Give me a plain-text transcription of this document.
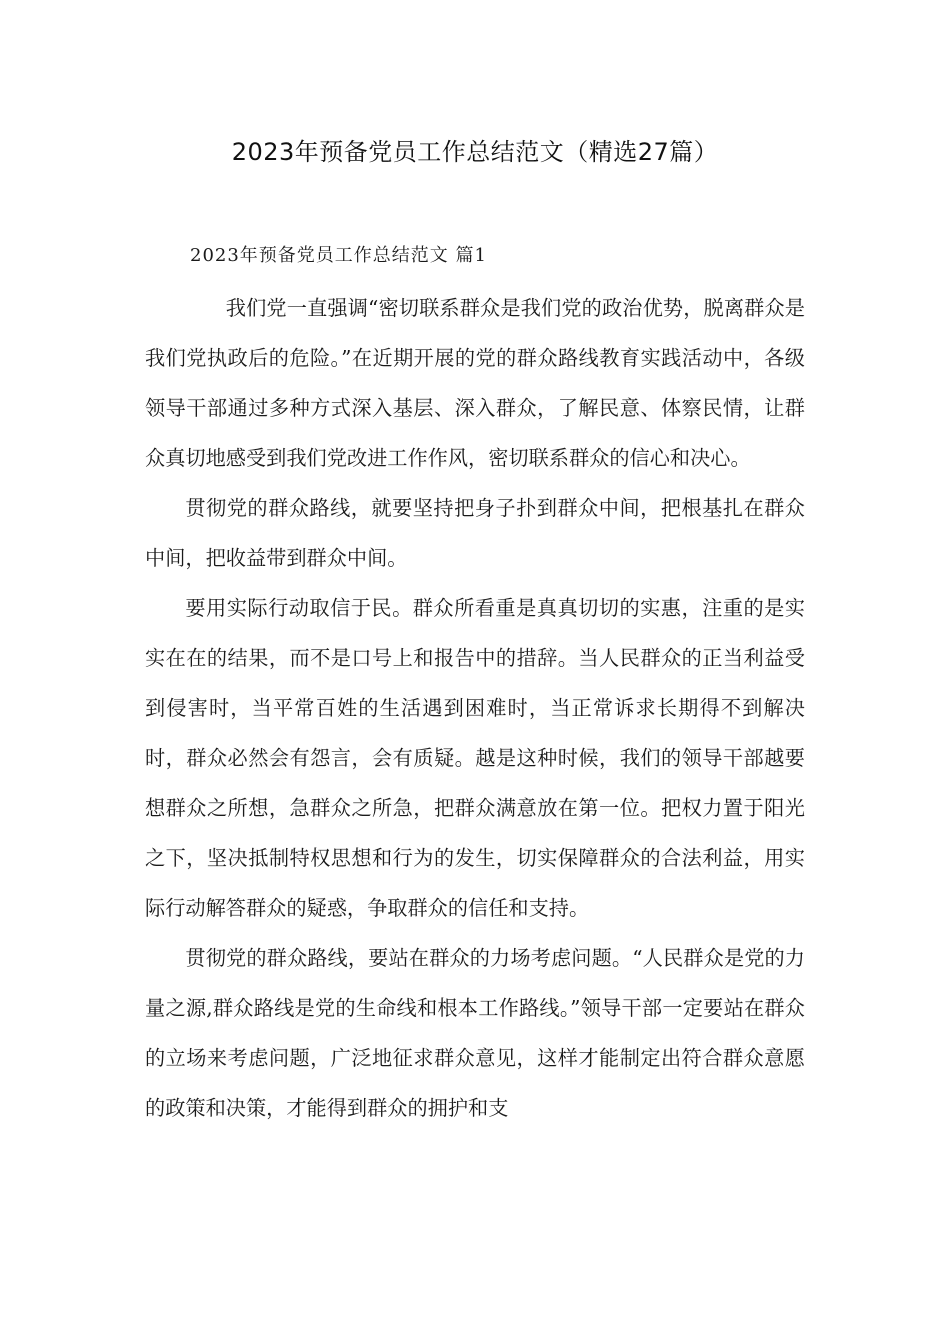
2023年预备党员工作总结范文（精选27篇）
2023年预备党员工作总结范文 篇1

我们党一直强调“密切联系群众是我们党的政治优势，脱离群众是我们党执政后的危险。”在近期开展的党的群众路线教育实践活动中，各级领导干部通过多种方式深入基层、深入群众，了解民意、体察民情，让群众真切地感受到我们党改进工作作风，密切联系群众的信心和决心。

贯彻党的群众路线，就要坚持把身子扑到群众中间，把根基扎在群众中间，把收益带到群众中间。

要用实际行动取信于民。群众所看重是真真切切的实惠，注重的是实实在在的结果，而不是口号上和报告中的措辞。当人民群众的正当利益受到侵害时，当平常百姓的生活遇到困难时，当正常诉求长期得不到解决时，群众必然会有怨言，会有质疑。越是这种时候，我们的领导干部越要想群众之所想，急群众之所急，把群众满意放在第一位。把权力置于阳光之下，坚决抵制特权思想和行为的发生，切实保障群众的合法利益，用实际行动解答群众的疑惑，争取群众的信任和支持。

贯彻党的群众路线，要站在群众的力场考虑问题。“人民群众是党的力量之源,群众路线是党的生命线和根本工作路线。”领导干部一定要站在群众的立场来考虑问题，广泛地征求群众意见，这样才能制定出符合群众意愿的政策和决策，才能得到群众的拥护和支
